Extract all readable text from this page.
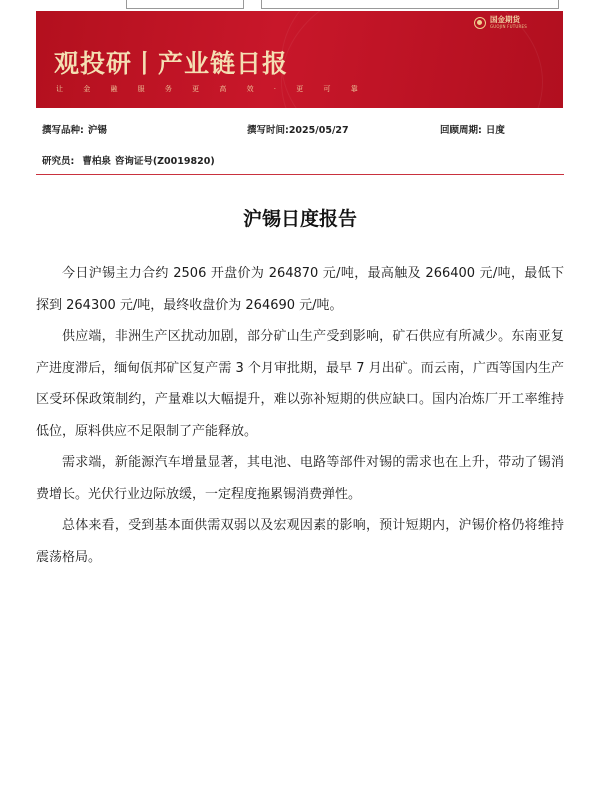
观投研丨产业链日报
让 金 融 服 务 更 高 效 · 更 可 靠
国金期货
GUOJIN FUTURES
撰写品种: 沪锡	撰写时间:2025/05/27	回顾周期: 日度
研究员: 曹柏泉 咨询证号(Z0019820)
沪锡日度报告

今日沪锡主力合约 2506 开盘价为 264870 元/吨，最高触及 266400 元/吨，最低下探到 264300 元/吨，最终收盘价为 264690 元/吨。

供应端，非洲生产区扰动加剧，部分矿山生产受到影响，矿石供应有所减少。东南亚复产进度滞后，缅甸佤邦矿区复产需 3 个月审批期，最早 7 月出矿。而云南，广西等国内生产区受环保政策制约，产量难以大幅提升，难以弥补短期的供应缺口。国内冶炼厂开工率维持低位，原料供应不足限制了产能释放。

需求端，新能源汽车增量显著，其电池、电路等部件对锡的需求也在上升，带动了锡消费增长。光伏行业边际放缓，一定程度拖累锡消费弹性。

总体来看，受到基本面供需双弱以及宏观因素的影响，预计短期内，沪锡价格仍将维持震荡格局。
